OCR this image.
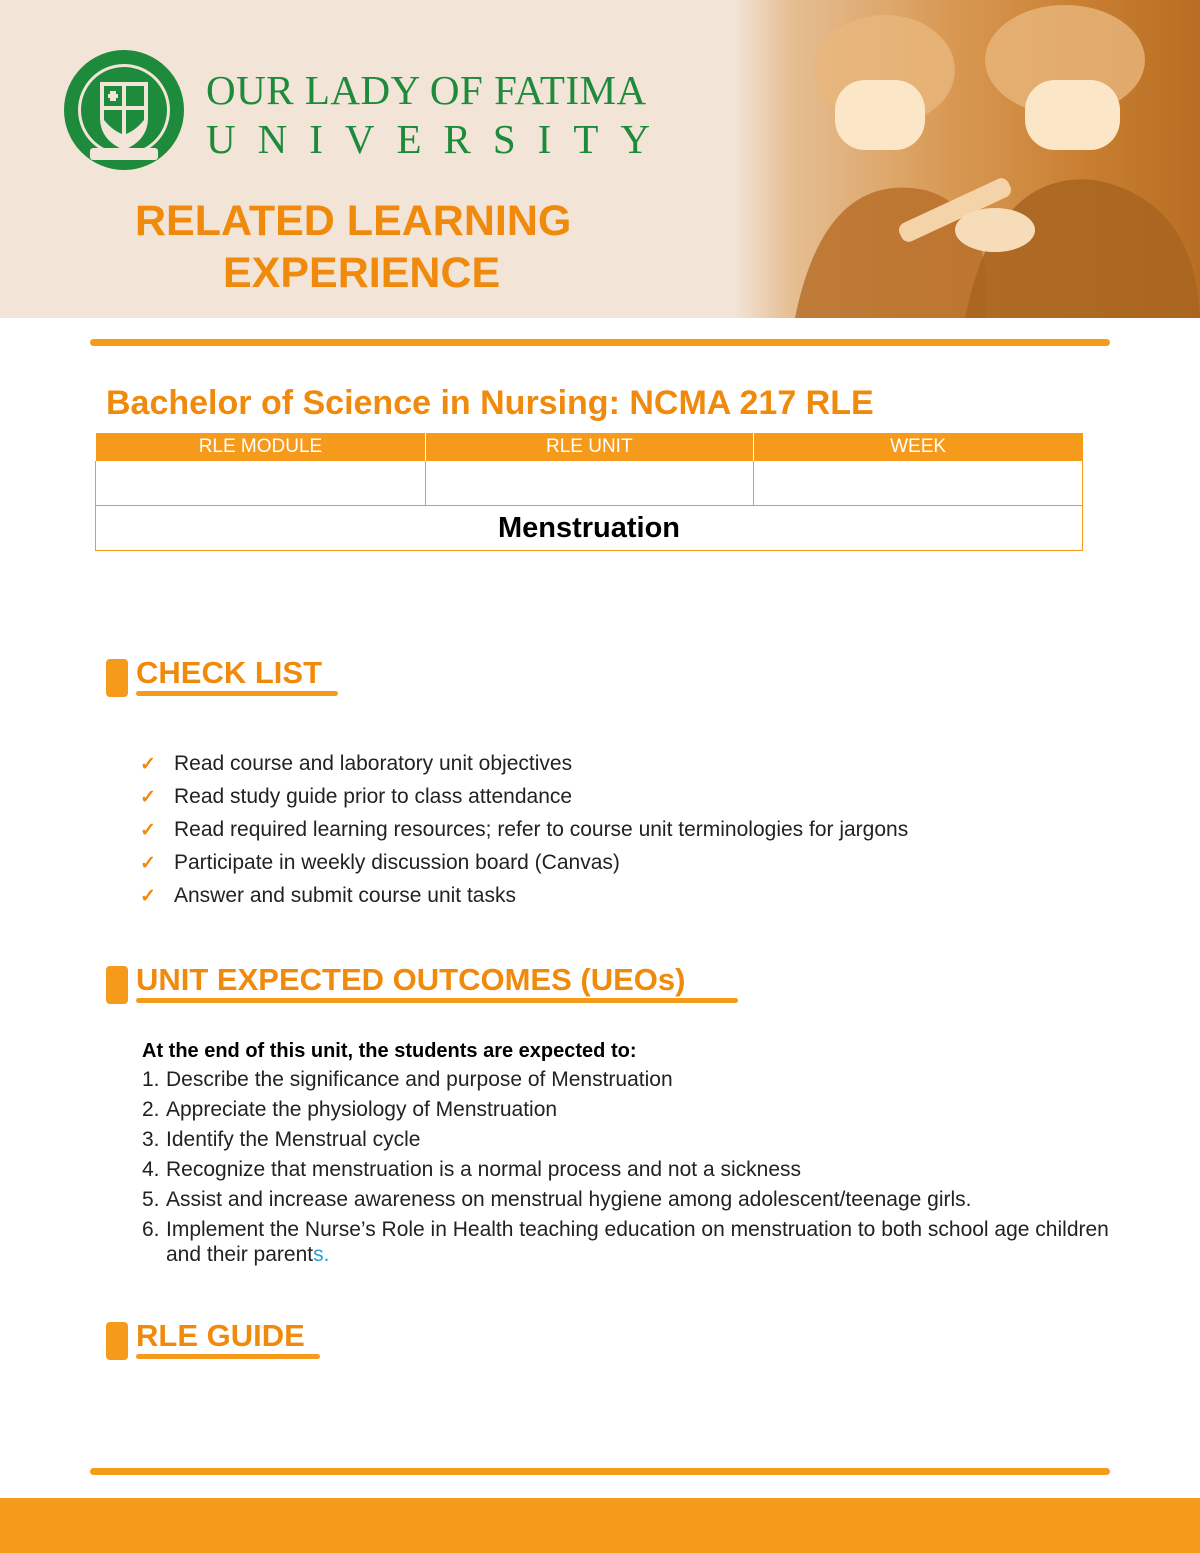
OUR LADY OF FATIMA
UNIVERSITY
RELATED LEARNING
EXPERIENCE
Bachelor of Science in Nursing: NCMA 217 RLE
RLE MODULE	RLE UNIT	WEEK

Menstruation		
CHECK LIST
✓ Read course and laboratory unit objectives
✓ Read study guide prior to class attendance
✓ Read required learning resources; refer to course unit terminologies for jargons
✓ Participate in weekly discussion board (Canvas)
✓ Answer and submit course unit tasks
UNIT EXPECTED OUTCOMES (UEOs)
At the end of this unit, the students are expected to:
1. Describe the significance and purpose of Menstruation
2. Appreciate the physiology of Menstruation
3. Identify the Menstrual cycle
4. Recognize that menstruation is a normal process and not a sickness
5. Assist and increase awareness on menstrual hygiene among adolescent/teenage girls.
6. Implement the Nurse’s Role in Health teaching education on menstruation to both school age children and their parents.
RLE GUIDE
